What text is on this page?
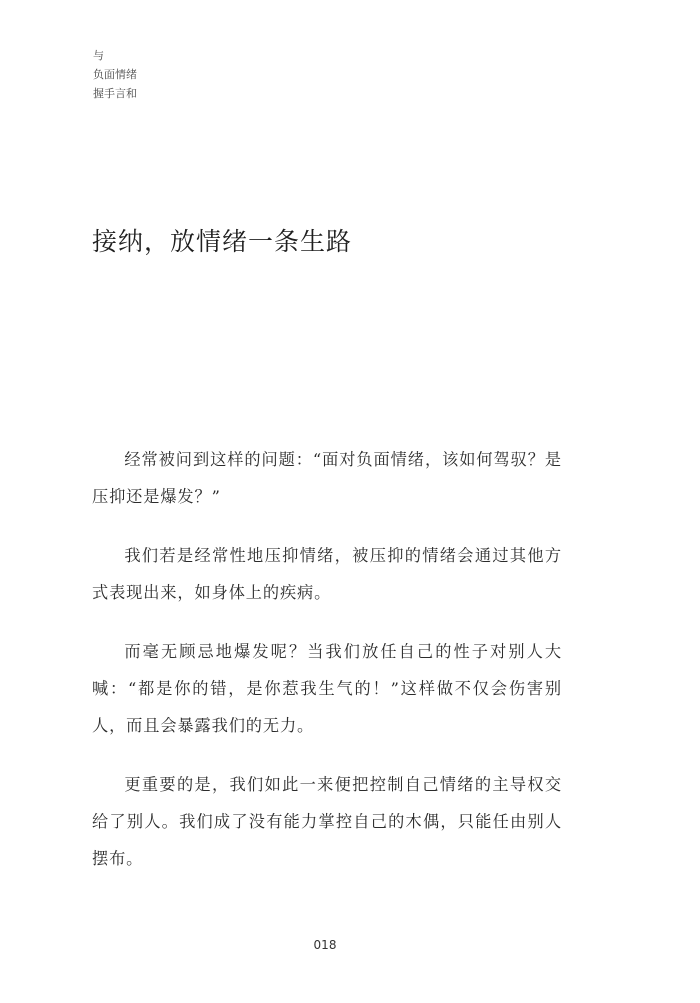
与
负面情绪
握手言和
接纳，放情绪一条生路

经常被问到这样的问题：“面对负面情绪，该如何驾驭？是压抑还是爆发？”

我们若是经常性地压抑情绪，被压抑的情绪会通过其他方式表现出来，如身体上的疾病。

而毫无顾忌地爆发呢？当我们放任自己的性子对别人大喊：“都是你的错，是你惹我生气的！”这样做不仅会伤害别人，而且会暴露我们的无力。

更重要的是，我们如此一来便把控制自己情绪的主导权交给了别人。我们成了没有能力掌控自己的木偶，只能任由别人摆布。

018
